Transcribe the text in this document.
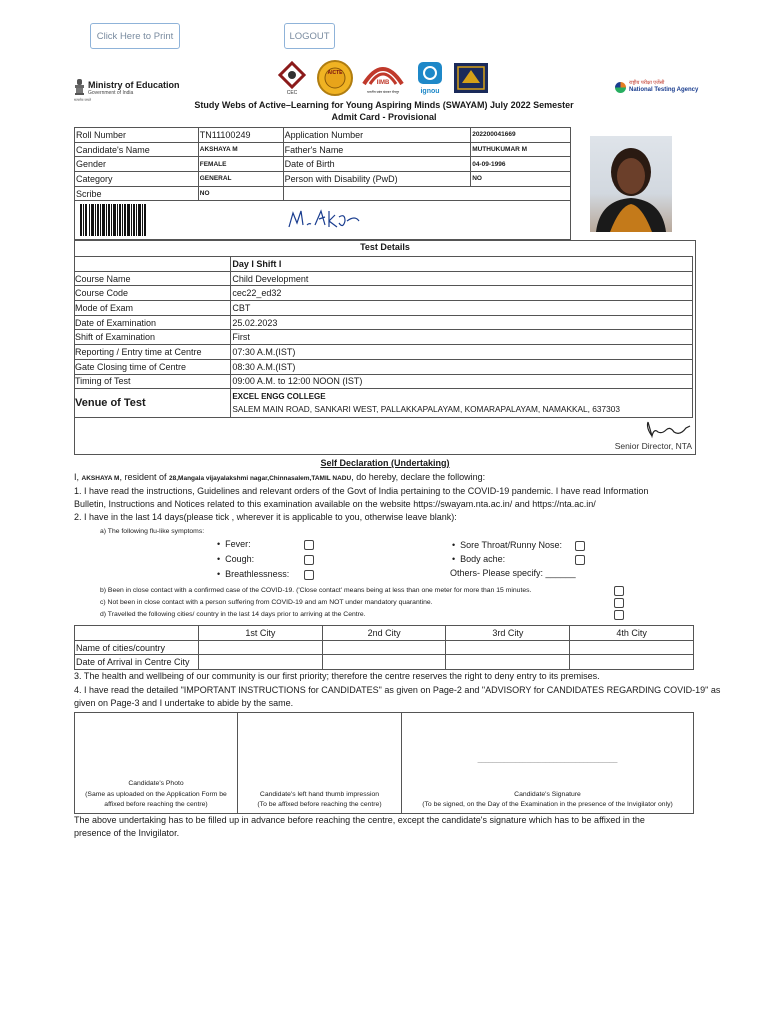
Click Here to Print	LOGOUT
Ministry of Education
Government of India
सत्यमेव जयते
CEC
AICTE
IIMB
भारतीय प्रबंध संस्थान बेंगलूर	ignou
राष्ट्रीय परीक्षा एजेंसी
National Testing Agency
Study Webs of Active–Learning for Young Aspiring Minds (SWAYAM) July 2022 Semester
Admit Card - Provisional
Roll Number	TN11100249	Application Number	202200041669
Candidate's Name	AKSHAYA M	Father's Name	MUTHUKUMAR M
Gender	FEMALE	Date of Birth	04-09-1996
Category	GENERAL	Person with Disability (PwD)	NO
Scribe	NO		
Test Details
	Day I Shift I
Course Name	Child Development
Course Code	cec22_ed32
Mode of Exam	CBT
Date of Examination	25.02.2023
Shift of Examination	First
Reporting / Entry time at Centre	07:30 A.M.(IST)
Gate Closing time of Centre	08:30 A.M.(IST)
Timing of Test	09:00 A.M. to 12:00 NOON (IST)
Venue of Test	EXCEL ENGG COLLEGE
SALEM MAIN ROAD, SANKARI WEST, PALLAKKAPALAYAM, KOMARAPALAYAM, NAMAKKAL, 637303
Senior Director, NTA
Self Declaration (Undertaking)
I, AKSHAYA M, resident of 28,Mangala vijayalakshmi nagar,Chinnasalem,TAMIL NADU, do hereby, declare the following:
1. I have read the instructions, Guidelines and relevant orders of the Govt of India pertaining to the COVID-19 pandemic. I have read Information
Bulletin, Instructions and Notices related to this examination available on the website https://swayam.nta.ac.in/ and https://nta.ac.in/
2. I have in the last 14 days(please tick , wherever it is applicable to you, otherwise leave blank):
a) The following flu-like symptoms:
•  Fever:
•  Cough:
•  Breathlessness:
•  Sore Throat/Runny Nose:
•  Body ache:
Others- Please specify: ______
b) Been in close contact with a confirmed case of the COVID-19. ('Close contact' means being at less than one meter for more than 15 minutes.
c) Not been in close contact with a person suffering from COVID-19 and am NOT under mandatory quarantine.
d) Travelled the following cities/ country in the last 14 days prior to arriving at the Centre.
	1st City	2nd City	3rd City	4th City
Name of cities/country				
Date of Arrival in Centre City				
3. The health and wellbeing of our community is our first priority; therefore the centre reserves the right to deny entry to its premises.
4. I have read the detailed "IMPORTANT INSTRUCTIONS for CANDIDATES" as given on Page-2 and "ADVISORY for CANDIDATES REGARDING COVID-19" as
given on Page-3 and I undertake to abide by the same.
Candidate's Photo
(Same as uploaded on the Application Form be
affixed before reaching the centre)
Candidate's left hand thumb impression
(To be affixed before reaching the centre)
_____________________________________
Candidate's Signature
(To be signed, on the Day of the Examination in the presence of the Invigilator only)
The above undertaking has to be filled up in advance before reaching the centre, except the candidate's signature which has to be affixed in the
presence of the Invigilator.
